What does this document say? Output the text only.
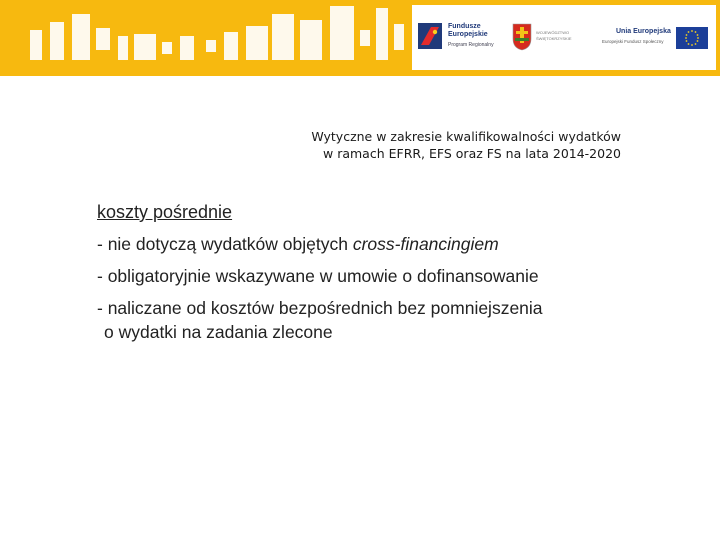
Fundusze
Europejskie
Program Regionalny
WOJEWÓDZTWO
ŚWIĘTOKRZYSKIE
Unia Europejska
Europejski Fundusz Społeczny
Wytyczne w zakresie kwalifikowalności wydatków
w ramach EFRR, EFS oraz FS na lata 2014-2020
koszty pośrednie
- nie dotyczą wydatków objętych cross-financingiem
- obligatoryjnie wskazywane w umowie o dofinansowanie
- naliczane od kosztów bezpośrednich bez pomniejszenia
o wydatki na zadania zlecone
